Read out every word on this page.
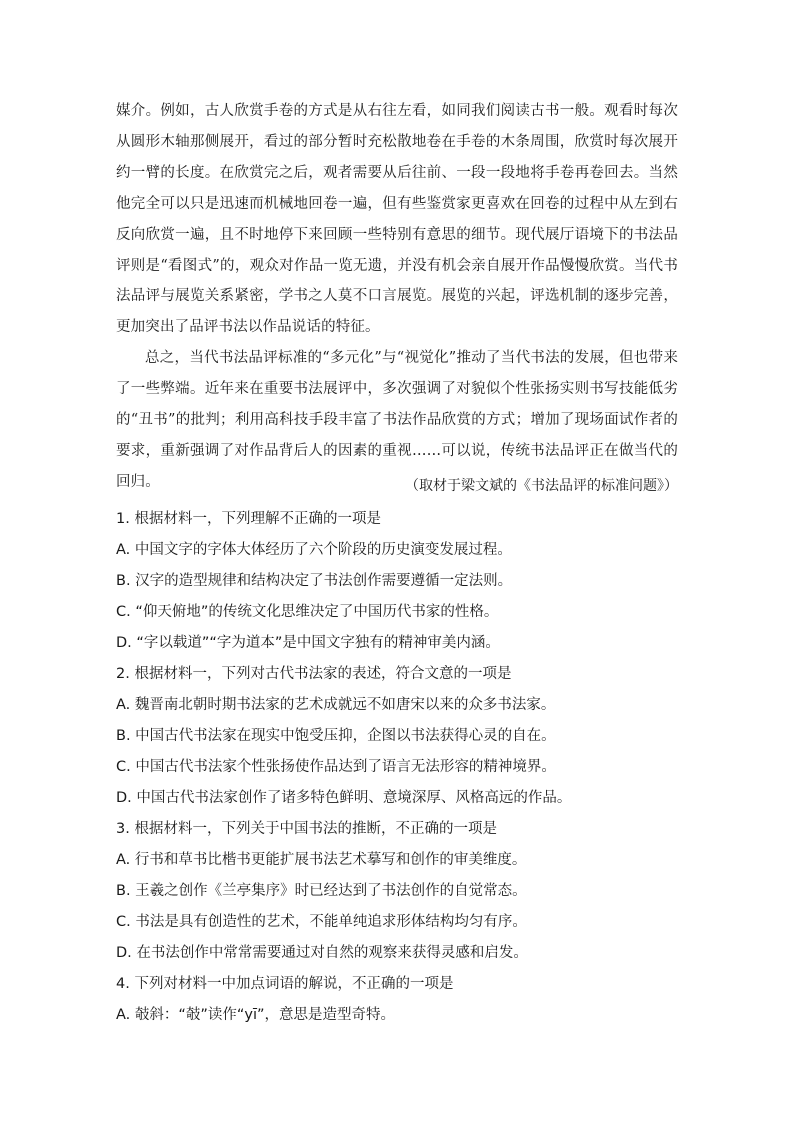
媒介。例如，古人欣赏手卷的方式是从右往左看，如同我们阅读古书一般。观看时每次从圆形木轴那侧展开，看过的部分暂时充松散地卷在手卷的木条周围，欣赏时每次展开约一臂的长度。在欣赏完之后，观者需要从后往前、一段一段地将手卷再卷回去。当然他完全可以只是迅速而机械地回卷一遍，但有些鉴赏家更喜欢在回卷的过程中从左到右反向欣赏一遍，且不时地停下来回顾一些特别有意思的细节。现代展厅语境下的书法品评则是“看图式”的，观众对作品一览无遗，并没有机会亲自展开作品慢慢欣赏。当代书法品评与展览关系紧密，学书之人莫不口言展览。展览的兴起，评选机制的逐步完善，更加突出了品评书法以作品说话的特征。

总之，当代书法品评标准的“多元化”与“视觉化”推动了当代书法的发展，但也带来了一些弊端。近年来在重要书法展评中，多次强调了对貌似个性张扬实则书写技能低劣的“丑书”的批判；利用高科技手段丰富了书法作品欣赏的方式；增加了现场面试作者的要求，重新强调了对作品背后人的因素的重视……可以说，传统书法品评正在做当代的回归。	（取材于梁文斌的《书法品评的标准问题》）
1. 根据材料一，下列理解不正确的一项是
A. 中国文字的字体大体经历了六个阶段的历史演变发展过程。
B. 汉字的造型规律和结构决定了书法创作需要遵循一定法则。
C. “仰天俯地”的传统文化思维决定了中国历代书家的性格。
D. “字以载道”“字为道本”是中国文字独有的精神审美内涵。
2. 根据材料一，下列对古代书法家的表述，符合文意的一项是
A. 魏晋南北朝时期书法家的艺术成就远不如唐宋以来的众多书法家。
B. 中国古代书法家在现实中饱受压抑，企图以书法获得心灵的自在。
C. 中国古代书法家个性张扬使作品达到了语言无法形容的精神境界。
D. 中国古代书法家创作了诸多特色鲜明、意境深厚、风格高远的作品。
3. 根据材料一，下列关于中国书法的推断，不正确的一项是
A. 行书和草书比楷书更能扩展书法艺术摹写和创作的审美维度。
B. 王羲之创作《兰亭集序》时已经达到了书法创作的自觉常态。
C. 书法是具有创造性的艺术，不能单纯追求形体结构均匀有序。
D. 在书法创作中常常需要通过对自然的观察来获得灵感和启发。
4. 下列对材料一中加点词语的解说，不正确的一项是
A. 攲斜：“攲”读作“yī”，意思是造型奇特。
